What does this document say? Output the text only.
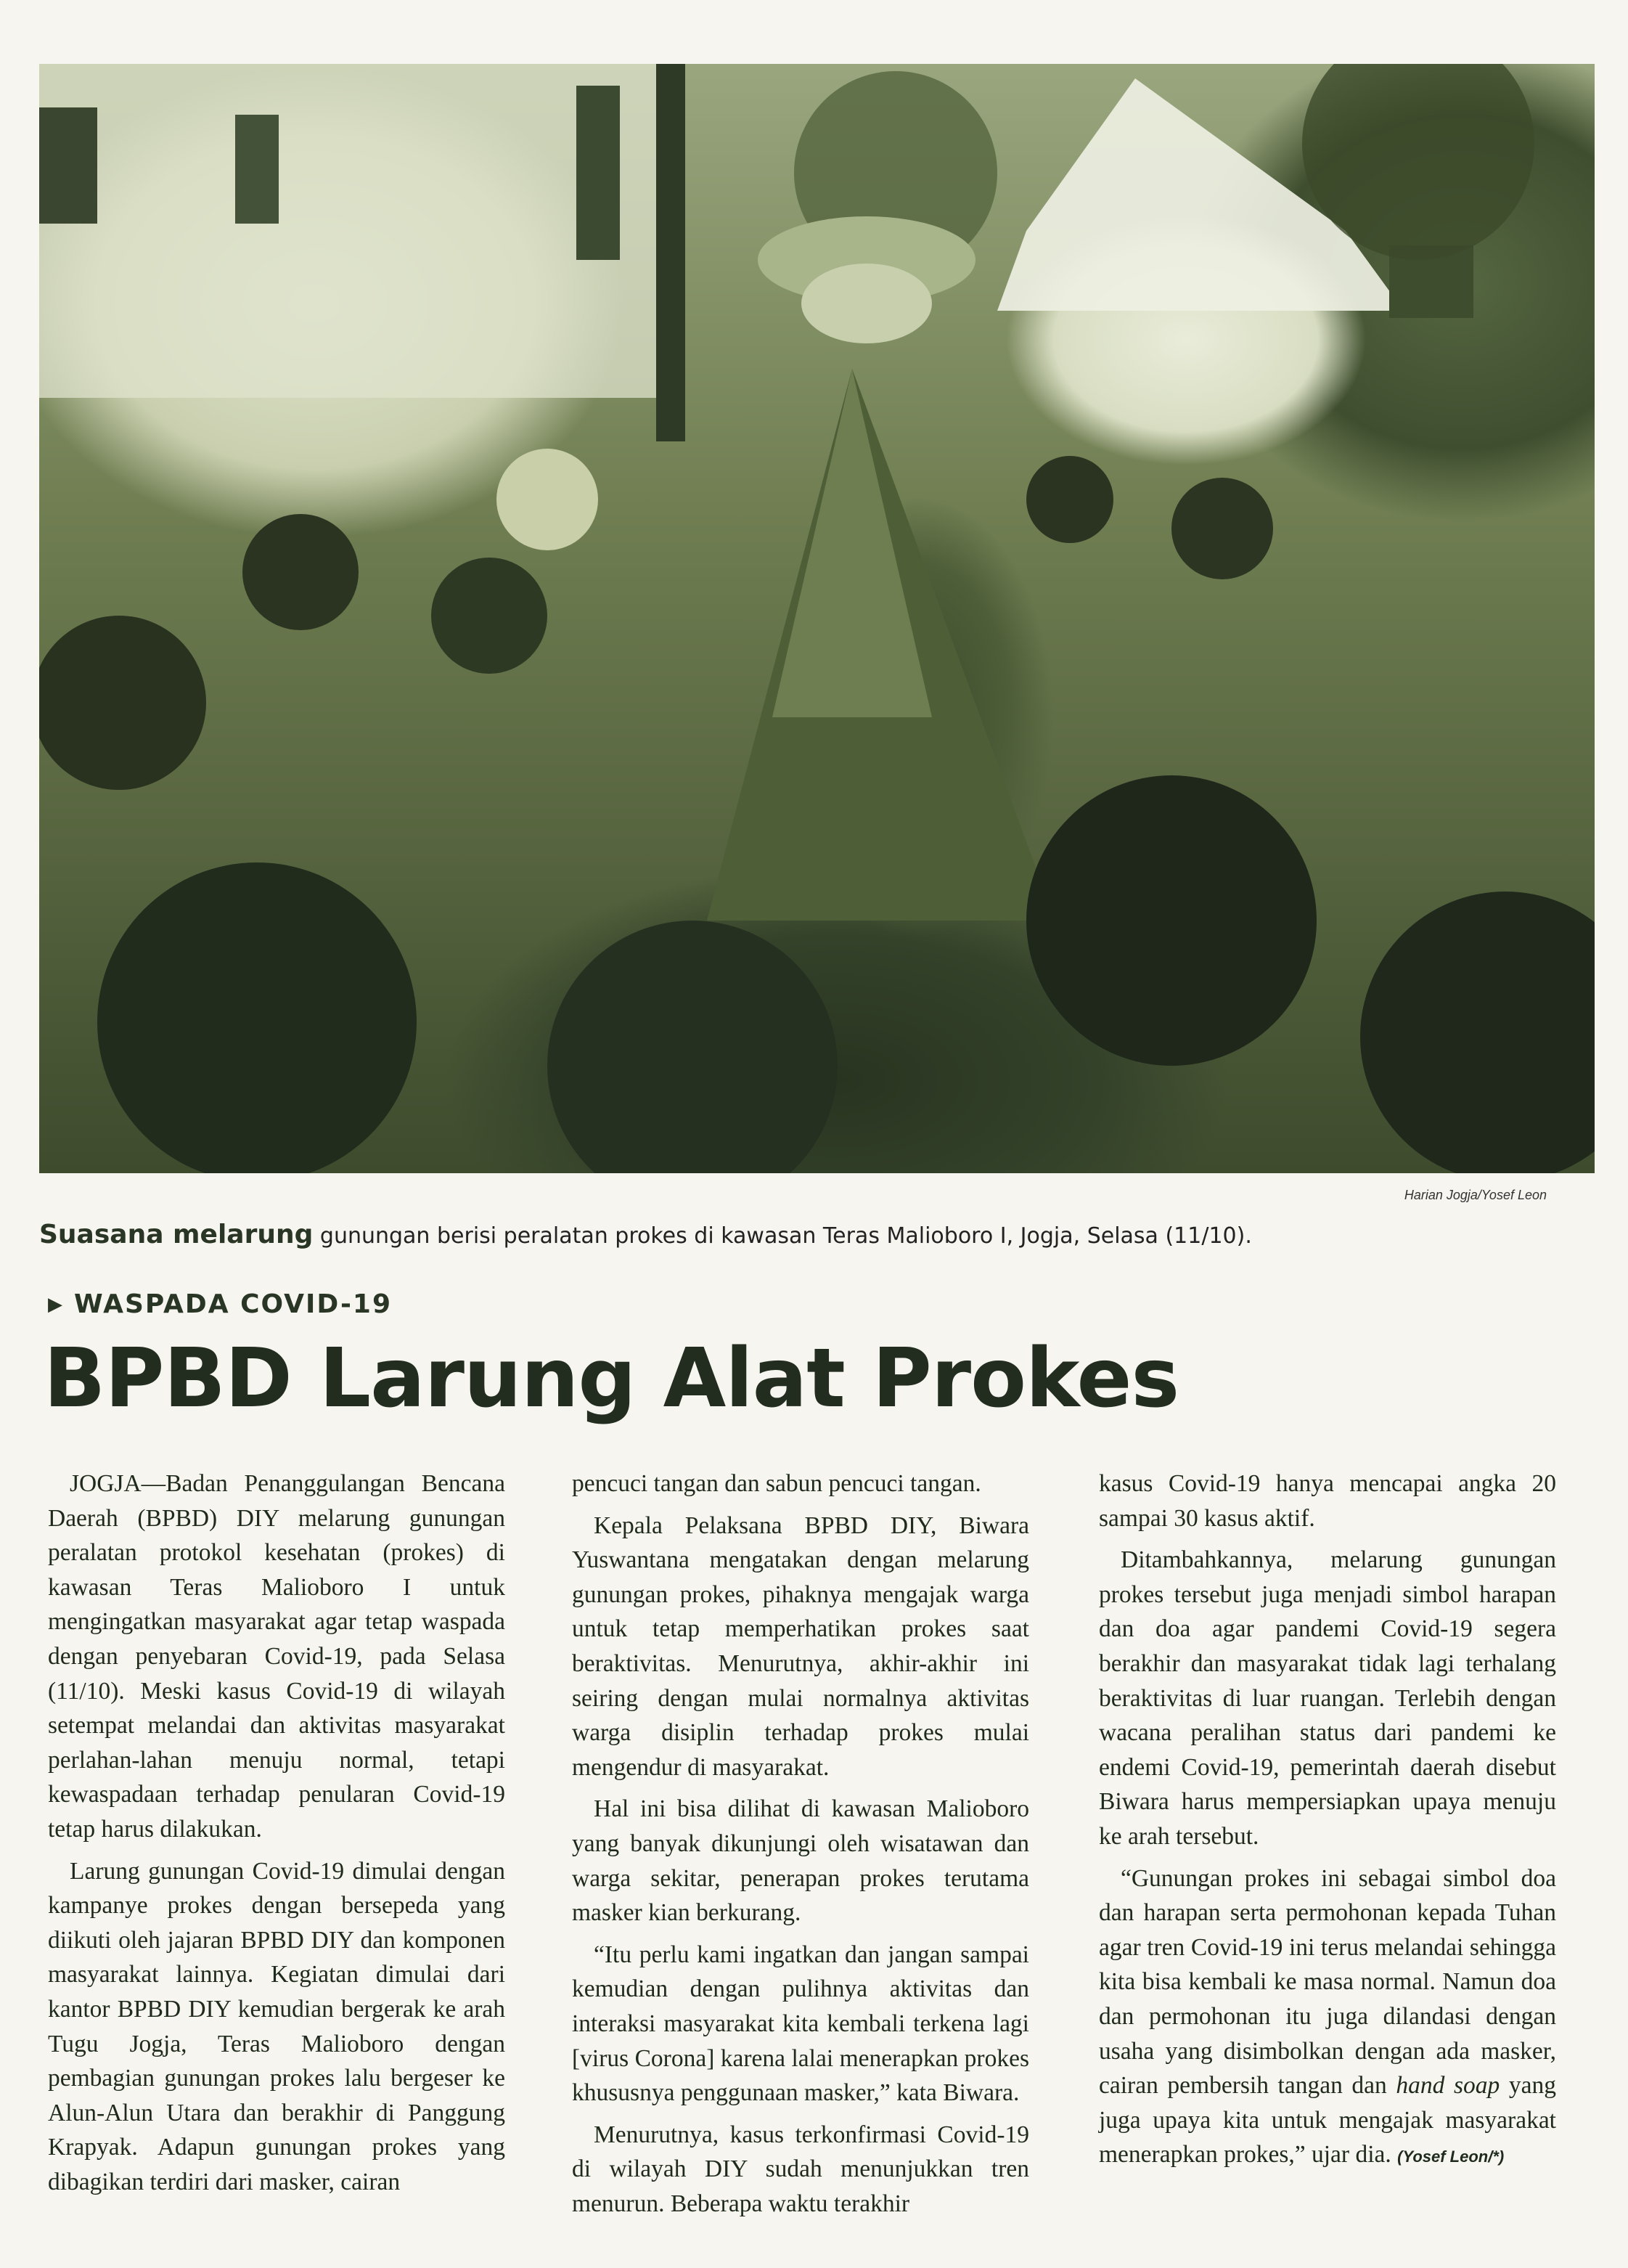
Harian Jogja/Yosef Leon
Suasana melarung gunungan berisi peralatan prokes di kawasan Teras Malioboro I, Jogja, Selasa (11/10).
▶ WASPADA COVID-19
BPBD Larung Alat Prokes

JOGJA—Badan Penanggulangan Bencana Daerah (BPBD) DIY melarung gunungan peralatan protokol kesehatan (prokes) di kawasan Teras Malioboro I untuk mengingatkan masyarakat agar tetap waspada dengan penyebaran Covid-19, pada Selasa (11/10). Meski kasus Covid-19 di wilayah setempat melandai dan aktivitas masyarakat perlahan-lahan menuju normal, tetapi kewaspadaan terhadap penularan Covid-19 tetap harus dilakukan.

Larung gunungan Covid-19 dimulai dengan kampanye prokes dengan bersepeda yang diikuti oleh jajaran BPBD DIY dan komponen masyarakat lainnya. Kegiatan dimulai dari kantor BPBD DIY kemudian bergerak ke arah Tugu Jogja, Teras Malioboro dengan pembagian gunungan prokes lalu bergeser ke Alun-Alun Utara dan berakhir di Panggung Krapyak. Adapun gunungan prokes yang dibagikan terdiri dari masker, cairan

pencuci tangan dan sabun pencuci tangan.

Kepala Pelaksana BPBD DIY, Biwara Yuswantana mengatakan dengan melarung gunungan prokes, pihaknya mengajak warga untuk tetap memperhatikan prokes saat beraktivitas. Menurutnya, akhir-akhir ini seiring dengan mulai normalnya aktivitas warga disiplin terhadap prokes mulai mengendur di masyarakat.

Hal ini bisa dilihat di kawasan Malioboro yang banyak dikunjungi oleh wisatawan dan warga sekitar, penerapan prokes terutama masker kian berkurang.

“Itu perlu kami ingatkan dan jangan sampai kemudian dengan pulihnya aktivitas dan interaksi masyarakat kita kembali terkena lagi [virus Corona] karena lalai menerapkan prokes khususnya penggunaan masker,” kata Biwara.

Menurutnya, kasus terkonfirmasi Covid-19 di wilayah DIY sudah menunjukkan tren menurun. Beberapa waktu terakhir

kasus Covid-19 hanya mencapai angka 20 sampai 30 kasus aktif.

Ditambahkannya, melarung gunungan prokes tersebut juga menjadi simbol harapan dan doa agar pandemi Covid-19 segera berakhir dan masyarakat tidak lagi terhalang beraktivitas di luar ruangan. Terlebih dengan wacana peralihan status dari pandemi ke endemi Covid-19, pemerintah daerah disebut Biwara harus mempersiapkan upaya menuju ke arah tersebut.

“Gunungan prokes ini sebagai simbol doa dan harapan serta permohonan kepada Tuhan agar tren Covid-19 ini terus melandai sehingga kita bisa kembali ke masa normal. Namun doa dan permohonan itu juga dilandasi dengan usaha yang disimbolkan dengan ada masker, cairan pembersih tangan dan hand soap yang juga upaya kita untuk mengajak masyarakat menerapkan prokes,” ujar dia. (Yosef Leon/*)
